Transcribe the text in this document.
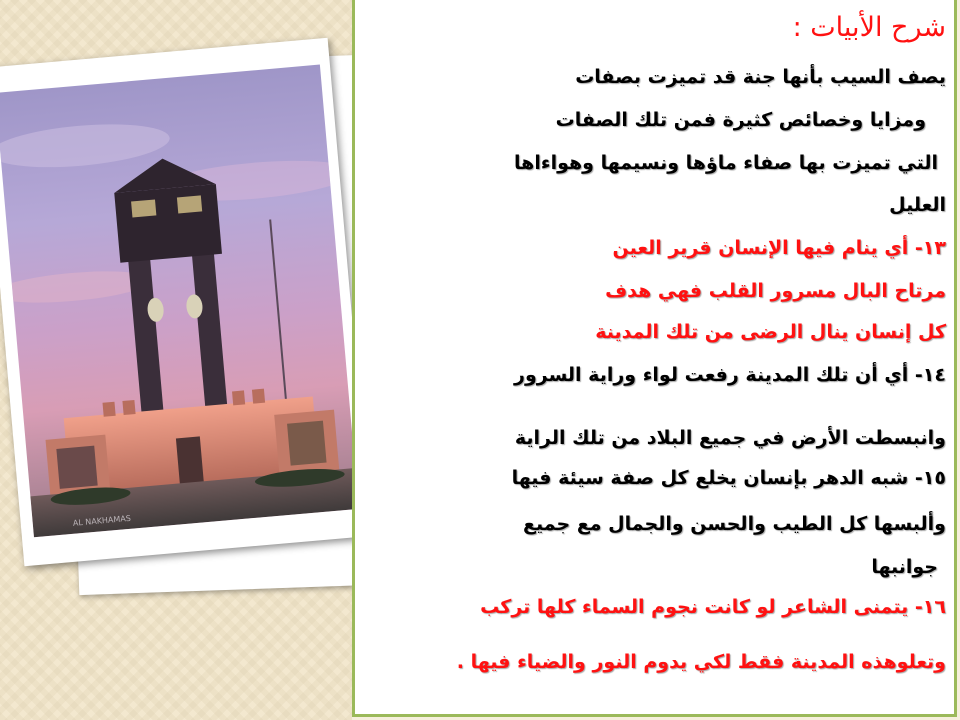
AL NAKHAMAS
شرح الأبيات :
يصف السيب بأنها جنة قد تميزت بصفات
ومزايا وخصائص كثيرة فمن تلك الصفات
التي تميزت بها صفاء ماؤها ونسيمها وهواءاها
العليل
١٣- أي ينام فيها الإنسان قرير العين
مرتاح البال مسرور القلب فهي هدف
كل إنسان ينال الرضى من تلك المدينة
١٤- أي أن تلك المدينة رفعت لواء وراية السرور
وانبسطت الأرض في جميع البلاد من تلك الراية
١٥- شبه الدهر بإنسان يخلع كل صفة سيئة فيها
وألبسها كل الطيب والحسن والجمال مع جميع
جوانبها
١٦- يتمنى الشاعر لو كانت نجوم السماء كلها تركب
وتعلوهذه المدينة فقط لكي يدوم النور والضياء فيها .
